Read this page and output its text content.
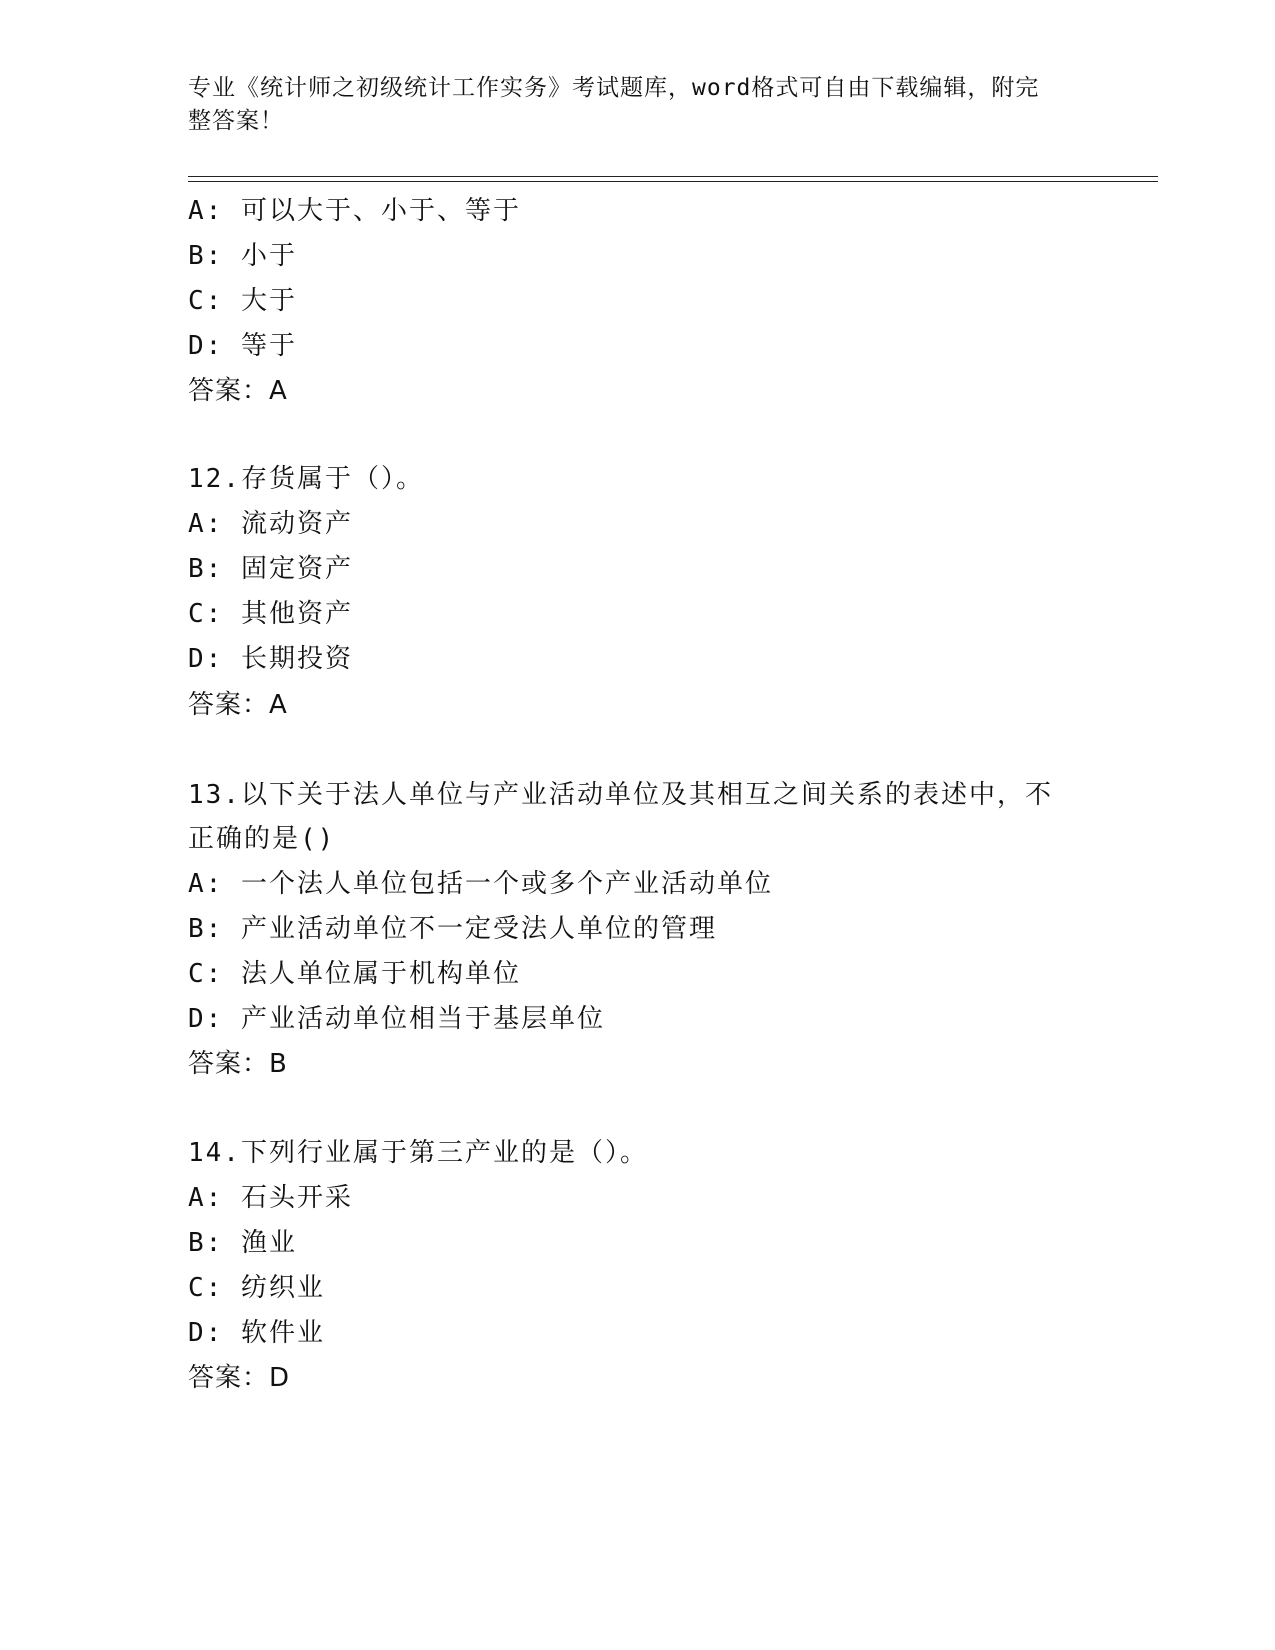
专业《统计师之初级统计工作实务》考试题库，word格式可自由下载编辑，附完
整答案！
A: 可以大于、小于、等于
B: 小于
C: 大于
D: 等于
答案：A
12.存货属于（）。
A: 流动资产
B: 固定资产
C: 其他资产
D: 长期投资
答案：A
13.以下关于法人单位与产业活动单位及其相互之间关系的表述中，不
正确的是()
A: 一个法人单位包括一个或多个产业活动单位
B: 产业活动单位不一定受法人单位的管理
C: 法人单位属于机构单位
D: 产业活动单位相当于基层单位
答案：B
14.下列行业属于第三产业的是（）。
A: 石头开采
B: 渔业
C: 纺织业
D: 软件业
答案：D
